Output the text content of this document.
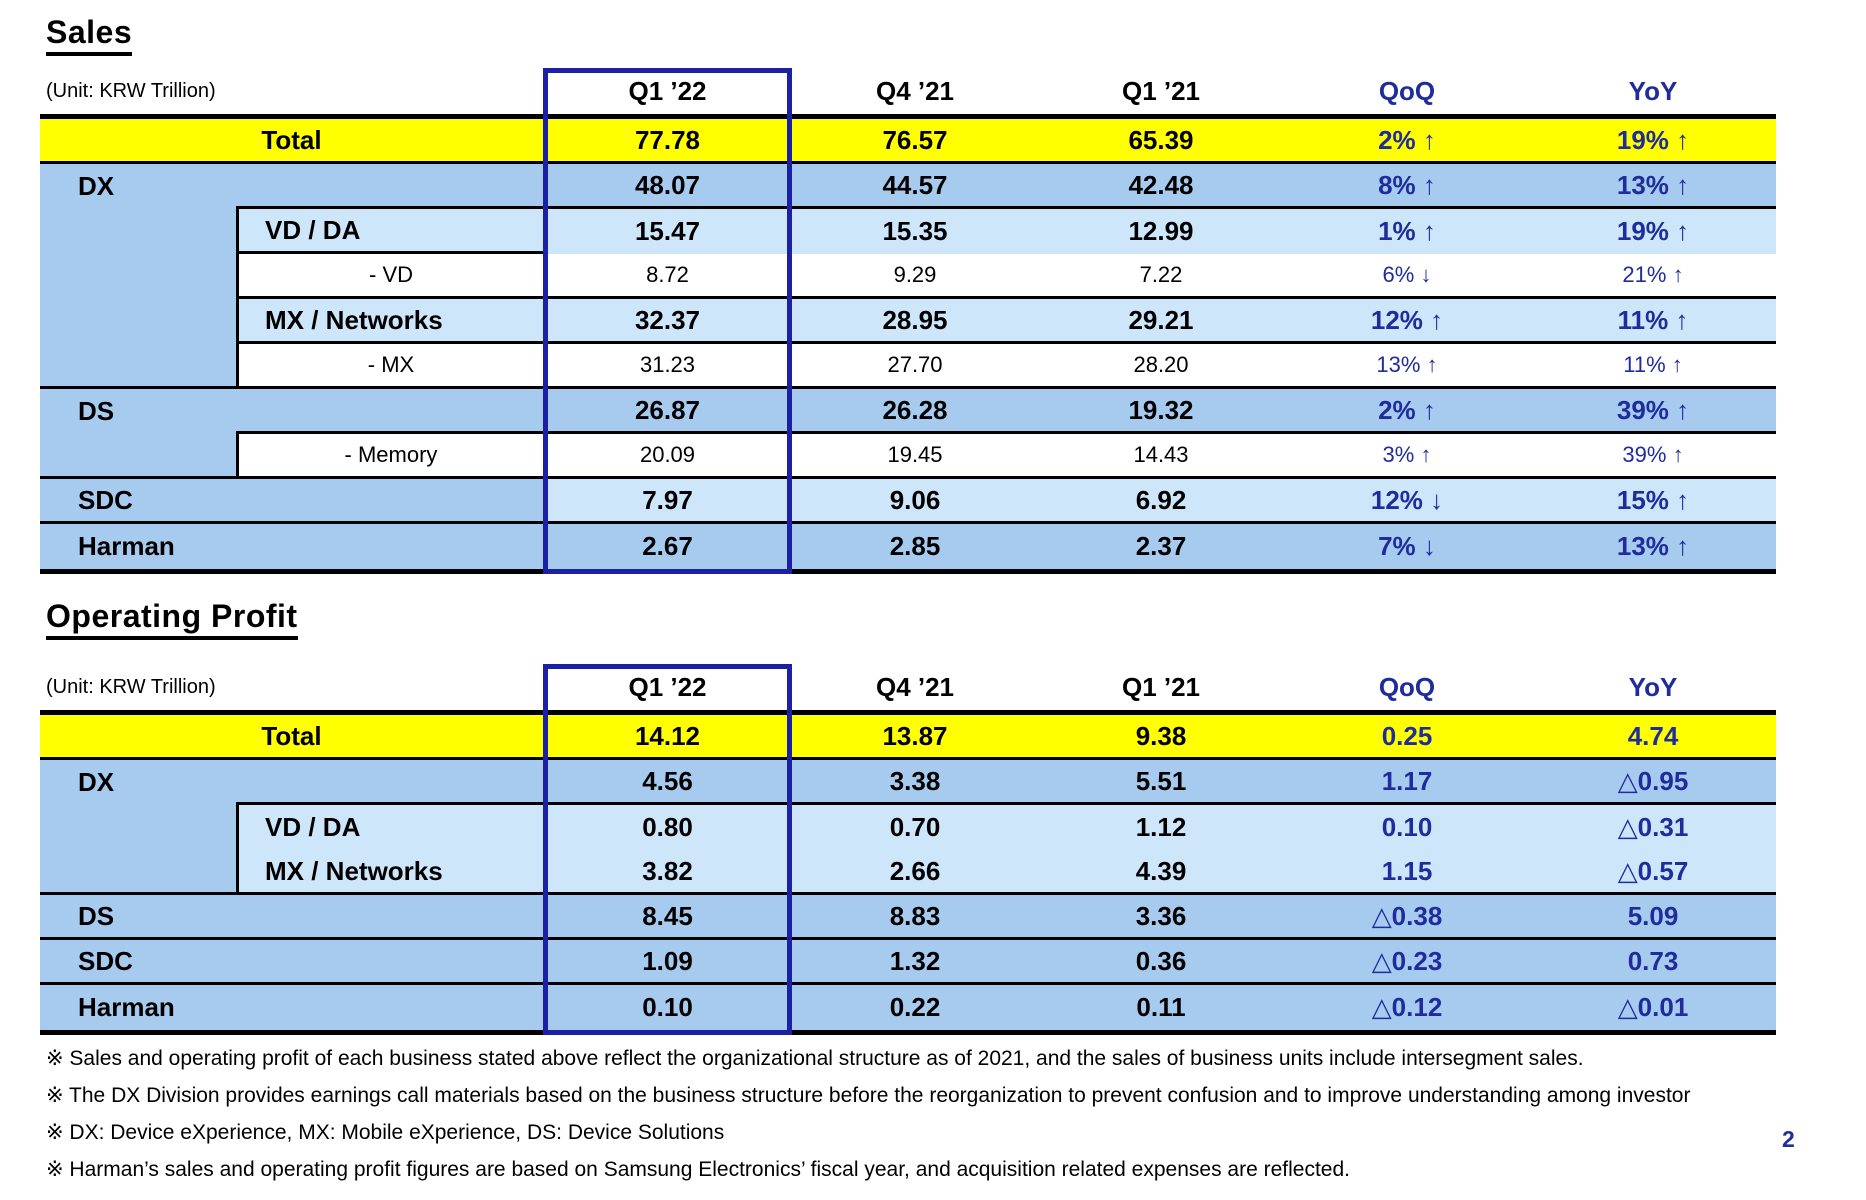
Sales
(Unit: KRW Trillion)	Q1 ’22	Q4 ’21	Q1 ’21	QoQ	YoY
Total	77.78	76.57	65.39	2% ↑	19% ↑
DX	48.07	44.57	42.48	8% ↑	13% ↑
VD / DA	15.47	15.35	12.99	1% ↑	19% ↑
- VD	8.72	9.29	7.22	6% ↓	21% ↑
MX / Networks	32.37	28.95	29.21	12% ↑	11% ↑
- MX	31.23	27.70	28.20	13% ↑	11% ↑
DS	26.87	26.28	19.32	2% ↑	39% ↑
- Memory	20.09	19.45	14.43	3% ↑	39% ↑
SDC	7.97	9.06	6.92	12% ↓	15% ↑
Harman	2.67	2.85	2.37	7% ↓	13% ↑
Operating Profit
(Unit: KRW Trillion)	Q1 ’22	Q4 ’21	Q1 ’21	QoQ	YoY
Total	14.12	13.87	9.38	0.25	4.74
DX	4.56	3.38	5.51	1.17	△0.95
VD / DA	0.80	0.70	1.12	0.10	△0.31
MX / Networks	3.82	2.66	4.39	1.15	△0.57
DS	8.45	8.83	3.36	△0.38	5.09
SDC	1.09	1.32	0.36	△0.23	0.73
Harman	0.10	0.22	0.11	△0.12	△0.01
※ Sales and operating profit of each business stated above reflect the organizational structure as of 2021, and the sales of business units include intersegment sales.
※ The DX Division provides earnings call materials based on the business structure before the reorganization to prevent confusion and to improve understanding among investor
※ DX: Device eXperience, MX: Mobile eXperience, DS: Device Solutions
※ Harman’s sales and operating profit figures are based on Samsung Electronics’ fiscal year, and acquisition related expenses are reflected.
2
